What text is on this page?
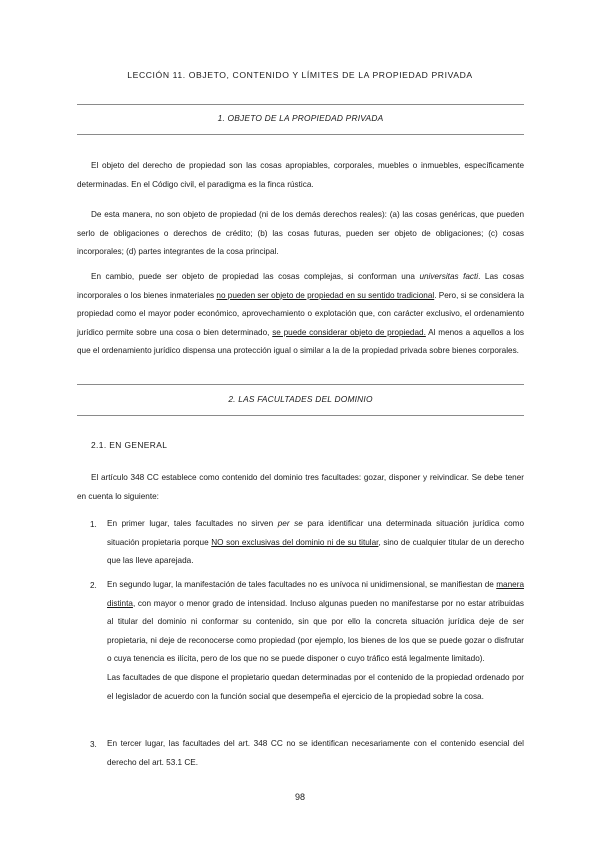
LECCIÓN 11. OBJETO, CONTENIDO Y LÍMITES DE LA PROPIEDAD PRIVADA
1. OBJETO DE LA PROPIEDAD PRIVADA
El objeto del derecho de propiedad son las cosas apropiables, corporales, muebles o inmuebles, específicamente determinadas. En el Código civil, el paradigma es la finca rústica.
De esta manera, no son objeto de propiedad (ni de los demás derechos reales): (a) las cosas genéricas, que pueden serlo de obligaciones o derechos de crédito; (b) las cosas futuras, pueden ser objeto de obligaciones; (c) cosas incorporales; (d) partes integrantes de la cosa principal.
En cambio, puede ser objeto de propiedad las cosas complejas, si conforman una universitas facti. Las cosas incorporales o los bienes inmateriales no pueden ser objeto de propiedad en su sentido tradicional. Pero, si se considera la propiedad como el mayor poder económico, aprovechamiento o explotación que, con carácter exclusivo, el ordenamiento jurídico permite sobre una cosa o bien determinado, se puede considerar objeto de propiedad. Al menos a aquellos a los que el ordenamiento jurídico dispensa una protección igual o similar a la de la propiedad privada sobre bienes corporales.
2. LAS FACULTADES DEL DOMINIO
2.1. EN GENERAL
El artículo 348 CC establece como contenido del dominio tres facultades: gozar, disponer y reivindicar. Se debe tener en cuenta lo siguiente:
1. En primer lugar, tales facultades no sirven per se para identificar una determinada situación jurídica como situación propietaria porque NO son exclusivas del dominio ni de su titular, sino de cualquier titular de un derecho que las lleve aparejada.
2. En segundo lugar, la manifestación de tales facultades no es unívoca ni unidimensional, se manifiestan de manera distinta, con mayor o menor grado de intensidad. Incluso algunas pueden no manifestarse por no estar atribuidas al titular del dominio ni conformar su contenido, sin que por ello la concreta situación jurídica deje de ser propietaria, ni deje de reconocerse como propiedad (por ejemplo, los bienes de los que se puede gozar o disfrutar o cuya tenencia es ilícita, pero de los que no se puede disponer o cuyo tráfico está legalmente limitado).
Las facultades de que dispone el propietario quedan determinadas por el contenido de la propiedad ordenado por el legislador de acuerdo con la función social que desempeña el ejercicio de la propiedad sobre la cosa.
3. En tercer lugar, las facultades del art. 348 CC no se identifican necesariamente con el contenido esencial del derecho del art. 53.1 CE.
98
